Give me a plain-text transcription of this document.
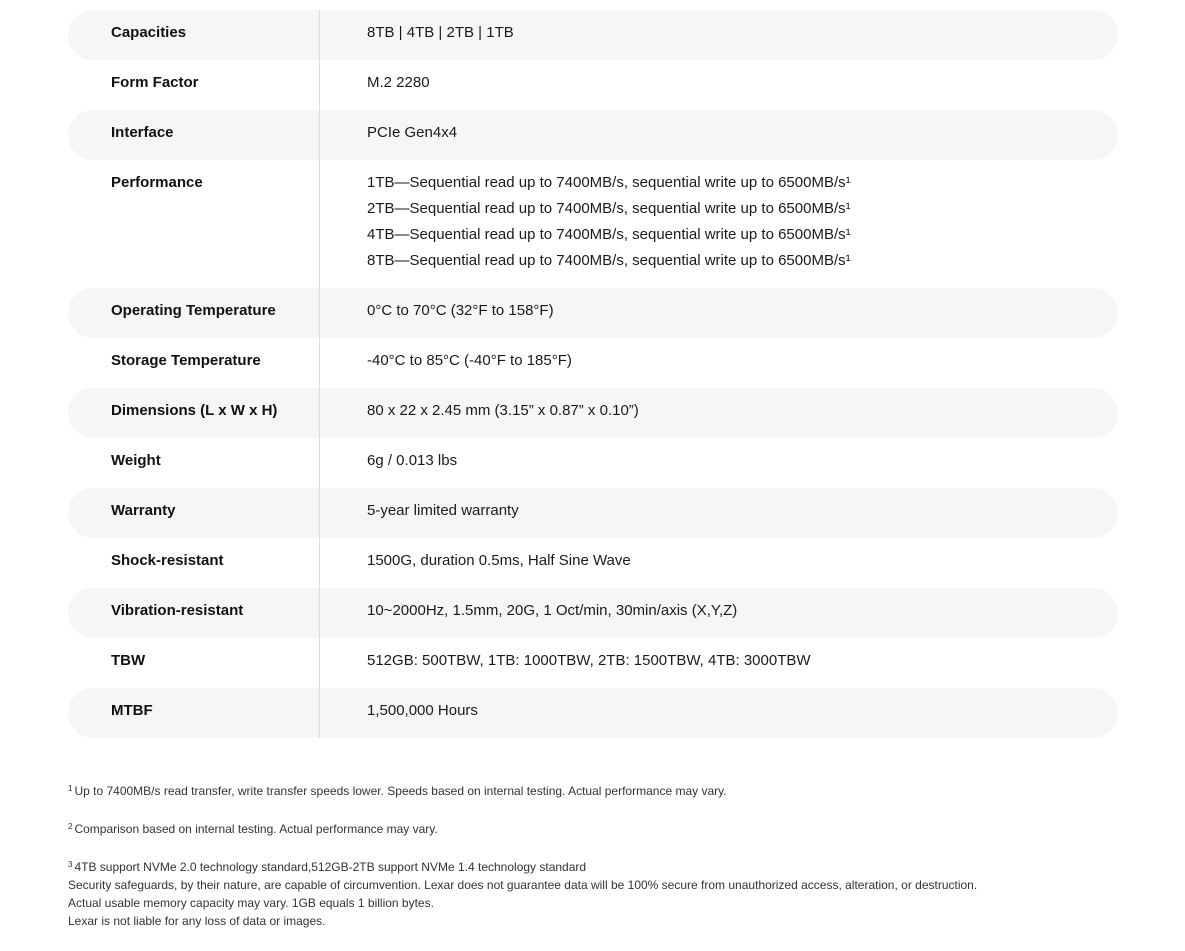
Capacities	8TB | 4TB | 2TB | 1TB
Form Factor	M.2 2280
Interface	PCIe Gen4x4
Performance	1TB—Sequential read up to 7400MB/s, sequential write up to 6500MB/s¹
2TB—Sequential read up to 7400MB/s, sequential write up to 6500MB/s¹
4TB—Sequential read up to 7400MB/s, sequential write up to 6500MB/s¹
8TB—Sequential read up to 7400MB/s, sequential write up to 6500MB/s¹
Operating Temperature	0°C to 70°C (32°F to 158°F)
Storage Temperature	-40°C to 85°C (-40°F to 185°F)
Dimensions (L x W x H)	80 x 22 x 2.45 mm (3.15” x 0.87” x 0.10”)
Weight	6g / 0.013 lbs
Warranty	5-year limited warranty
Shock-resistant	1500G, duration 0.5ms, Half Sine Wave
Vibration-resistant	10~2000Hz, 1.5mm, 20G, 1 Oct/min, 30min/axis (X,Y,Z)
TBW	512GB: 500TBW, 1TB: 1000TBW, 2TB: 1500TBW, 4TB: 3000TBW
MTBF	1,500,000 Hours

$^1$ Up to 7400MB/s read transfer, write transfer speeds lower. Speeds based on internal testing. Actual performance may vary.

$^2$ Comparison based on internal testing. Actual performance may vary.

$^3$ 4TB support NVMe 2.0 technology standard,512GB-2TB support NVMe 1.4 technology standard
Security safeguards, by their nature, are capable of circumvention. Lexar does not guarantee data will be 100% secure from unauthorized access, alteration, or destruction.
Actual usable memory capacity may vary. 1GB equals 1 billion bytes.
Lexar is not liable for any loss of data or images.
